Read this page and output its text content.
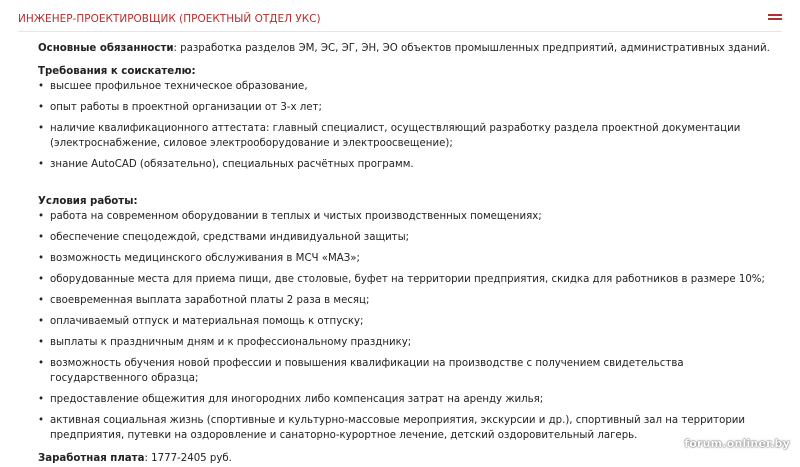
ИНЖЕНЕР-ПРОЕКТИРОВЩИК (ПРОЕКТНЫЙ ОТДЕЛ УКС)

Основные обязанности: разработка разделов ЭМ, ЭС, ЭГ, ЭН, ЭО объектов промышленных предприятий, административных зданий.

Требования к соискателю:

• высшее профильное техническое образование,
• опыт работы в проектной организации от 3-х лет;
• наличие квалификационного аттестата: главный специалист, осуществляющий разработку раздела проектной документации (электроснабжение, силовое электрооборудование и электроосвещение);
• знание AutoCAD (обязательно), специальных расчётных программ.

Условия работы:

• работа на современном оборудовании в теплых и чистых производственных помещениях;
• обеспечение спецодеждой, средствами индивидуальной защиты;
• возможность медицинского обслуживания в МСЧ «МАЗ»;
• оборудованные места для приема пищи, две столовые, буфет на территории предприятия, скидка для работников в размере 10%;
• своевременная выплата заработной платы 2 раза в месяц;
• оплачиваемый отпуск и материальная помощь к отпуску;
• выплаты к праздничным дням и к профессиональному празднику;
• возможность обучения новой профессии и повышения квалификации на производстве с получением свидетельства государственного образца;
• предоставление общежития для иногородних либо компенсация затрат на аренду жилья;
• активная социальная жизнь (спортивные и культурно-массовые мероприятия, экскурсии и др.), спортивный зал на территории предприятия, путевки на оздоровление и санаторно-курортное лечение, детский оздоровительный лагерь.

Заработная плата: 1777-2405 руб.

forum.onliner.by
